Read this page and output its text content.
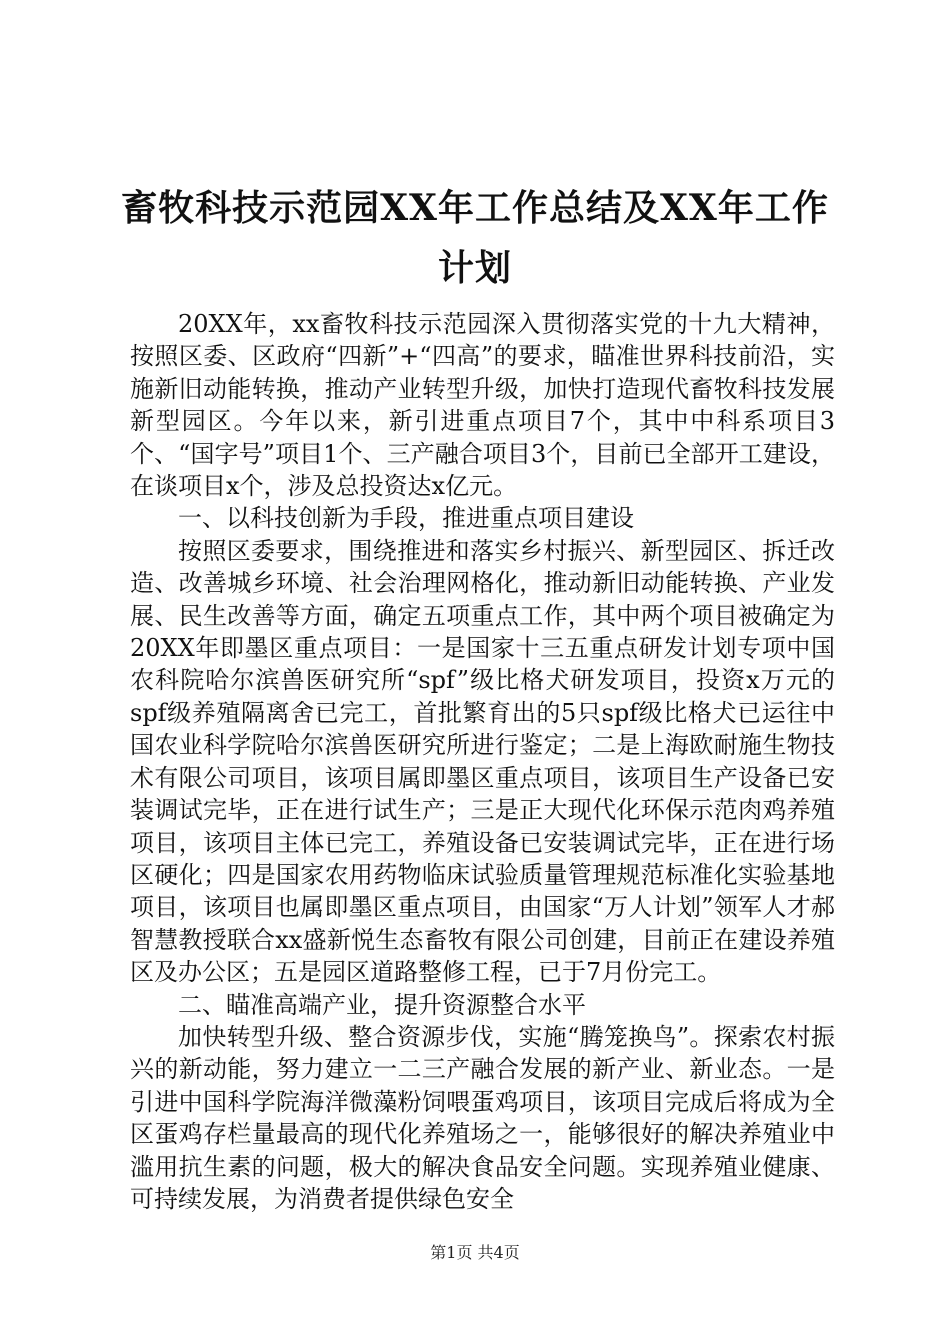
畜牧科技示范园XX年工作总结及XX年工作计划

20XX年，xx畜牧科技示范园深入贯彻落实党的十九大精神，按照区委、区政府“四新”+“四高”的要求，瞄准世界科技前沿，实施新旧动能转换，推动产业转型升级，加快打造现代畜牧科技发展新型园区。今年以来，新引进重点项目7个，其中中科系项目3个、“国字号”项目1个、三产融合项目3个，目前已全部开工建设，在谈项目x个，涉及总投资达x亿元。

一、以科技创新为手段，推进重点项目建设

按照区委要求，围绕推进和落实乡村振兴、新型园区、拆迁改造、改善城乡环境、社会治理网格化，推动新旧动能转换、产业发展、民生改善等方面，确定五项重点工作，其中两个项目被确定为20XX年即墨区重点项目：一是国家十三五重点研发计划专项中国农科院哈尔滨兽医研究所“spf”级比格犬研发项目，投资x万元的spf级养殖隔离舍已完工，首批繁育出的5只spf级比格犬已运往中国农业科学院哈尔滨兽医研究所进行鉴定；二是上海欧耐施生物技术有限公司项目，该项目属即墨区重点项目，该项目生产设备已安装调试完毕，正在进行试生产；三是正大现代化环保示范肉鸡养殖项目，该项目主体已完工，养殖设备已安装调试完毕，正在进行场区硬化；四是国家农用药物临床试验质量管理规范标准化实验基地项目，该项目也属即墨区重点项目，由国家“万人计划”领军人才郝智慧教授联合xx盛新悦生态畜牧有限公司创建，目前正在建设养殖区及办公区；五是园区道路整修工程，已于7月份完工。

二、瞄准高端产业，提升资源整合水平

加快转型升级、整合资源步伐，实施“腾笼换鸟”。探索农村振兴的新动能，努力建立一二三产融合发展的新产业、新业态。一是引进中国科学院海洋微藻粉饲喂蛋鸡项目，该项目完成后将成为全区蛋鸡存栏量最高的现代化养殖场之一，能够很好的解决养殖业中滥用抗生素的问题，极大的解决食品安全问题。实现养殖业健康、可持续发展，为消费者提供绿色安全

第1页 共4页
